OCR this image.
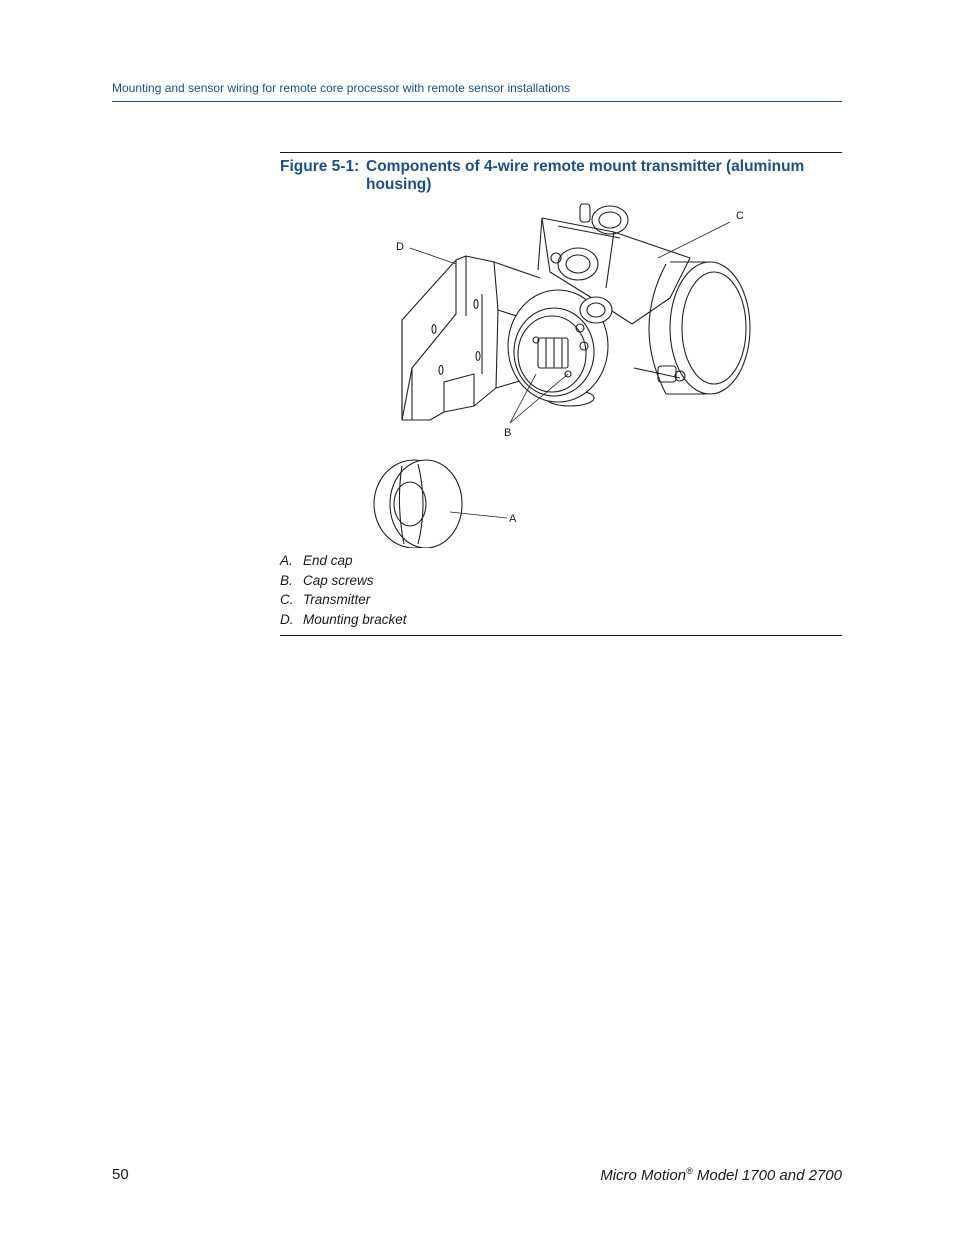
Mounting and sensor wiring for remote core processor with remote sensor installations
Figure 5-1: Components of 4-wire remote mount transmitter (aluminum housing)
D
C
B
A
A. End cap
B. Cap screws
C. Transmitter
D. Mounting bracket
50	Micro Motion® Model 1700 and 2700
